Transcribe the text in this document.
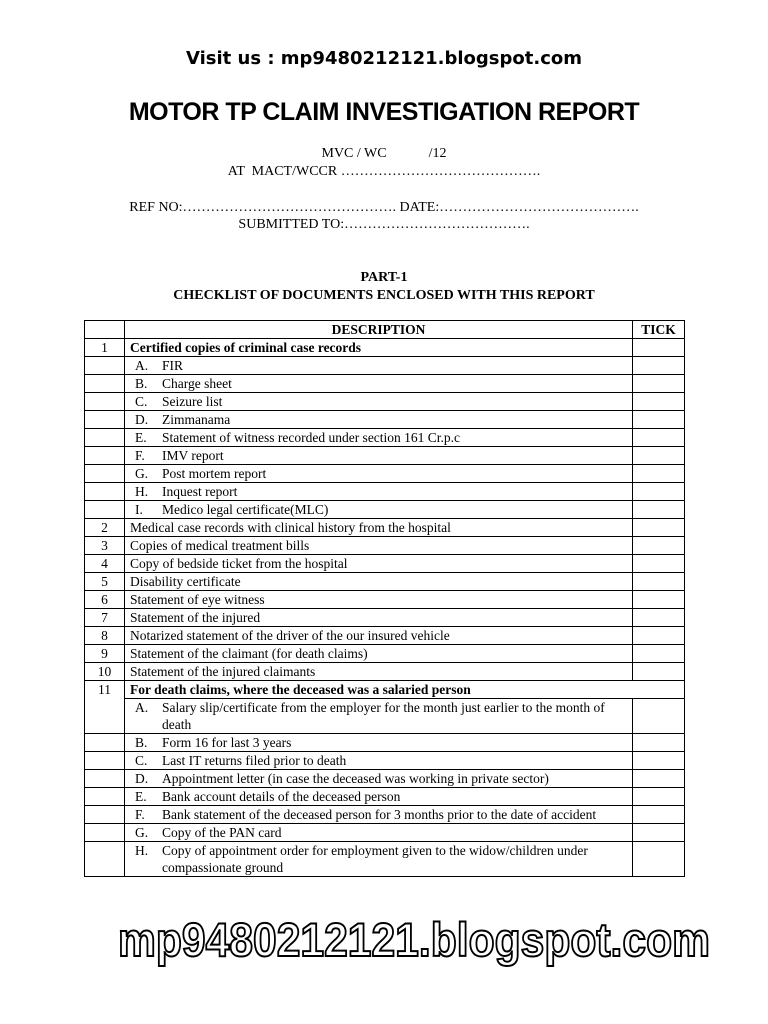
Visit us : mp9480212121.blogspot.com
MOTOR TP CLAIM INVESTIGATION REPORT
MVC / WC            /12
AT  MACT/WCCR …………………………………….
REF NO:………………………………………. DATE:…………………………………….
SUBMITTED TO:………………………………….
PART-1
CHECKLIST OF DOCUMENTS ENCLOSED WITH THIS REPORT
	DESCRIPTION	TICK
1	Certified copies of criminal case records	

	A. FIR	

	B. Charge sheet	

	C. Seizure list	

	D. Zimmanama	

	E. Statement of witness recorded under section 161 Cr.p.c	

	F. IMV report	

	G. Post mortem report	

	H. Inquest report	

	I. Medico legal certificate(MLC)	

2	Medical case records with clinical history from the hospital	
3	Copies of medical treatment bills	
4	Copy of bedside ticket from the hospital	
5	Disability certificate	
6	Statement of eye witness	
7	Statement of the injured	
8	Notarized statement of the driver of the our insured vehicle	
9	Statement of the claimant (for death claims)	
10	Statement of the injured claimants	
11	For death claims, where the deceased was a salaried person	

	A. Salary slip/certificate from the employer for the month just earlier to the month of death	

	B. Form 16 for last 3 years	

	C. Last IT returns filed prior to death	

	D. Appointment letter (in case the deceased was working in private sector)	

	E. Bank account details of the deceased person	

	F. Bank statement of the deceased person for 3 months prior to the date of accident	

	G. Copy of the PAN card	

	H. Copy of appointment order for employment given to the widow/children under compassionate ground	

mp9480212121.blogspot.com
